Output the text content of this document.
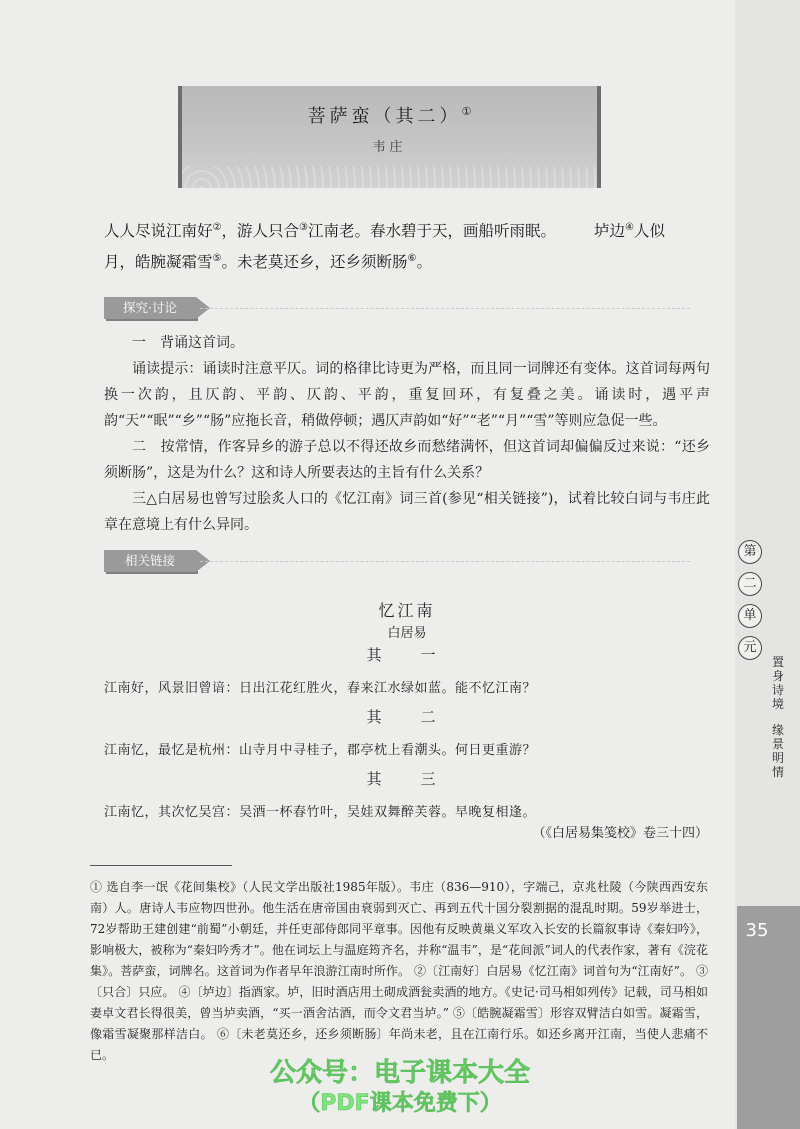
菩萨蛮（其二）①
韦庄
人人尽说江南好②，游人只合③江南老。春水碧于天，画船听雨眠。 垆边④人似
月，皓腕凝霜雪⑤。未老莫还乡，还乡须断肠⑥。
探究·讨论
一　背诵这首词。
诵读提示：诵读时注意平仄。词的格律比诗更为严格，而且同一词牌还有变体。这首词每两句换一次韵，且仄韵、平韵、仄韵、平韵，重复回环，有复叠之美。诵读时，遇平声韵“天”“眠”“乡”“肠”应拖长音，稍做停顿；遇仄声韵如“好”“老”“月”“雪”等则应急促一些。
二　按常情，作客异乡的游子总以不得还故乡而愁绪满怀，但这首词却偏偏反过来说：“还乡须断肠”，这是为什么？这和诗人所要表达的主旨有什么关系？
三△白居易也曾写过脍炙人口的《忆江南》词三首(参见“相关链接”)，试着比较白词与韦庄此章在意境上有什么异同。
相关链接
忆江南
白居易
其　一
江南好，风景旧曾谙：日出江花红胜火，春来江水绿如蓝。能不忆江南？
其　二
江南忆，最忆是杭州：山寺月中寻桂子，郡亭枕上看潮头。何日更重游？
其　三
江南忆，其次忆吴宫：吴酒一杯春竹叶，吴娃双舞醉芙蓉。早晚复相逢。
（《白居易集笺校》卷三十四）
① 选自李一氓《花间集校》（人民文学出版社1985年版）。韦庄（836—910），字端己，京兆杜陵（今陕西西安东南）人。唐诗人韦应物四世孙。他生活在唐帝国由衰弱到灭亡、再到五代十国分裂割据的混乱时期。59岁举进士，72岁帮助王建创建“前蜀”小朝廷，并任吏部侍郎同平章事。因他有反映黄巢义军攻入长安的长篇叙事诗《秦妇吟》，影响极大，被称为“秦妇吟秀才”。他在词坛上与温庭筠齐名，并称“温韦”，是“花间派”词人的代表作家，著有《浣花集》。菩萨蛮，词牌名。这首词为作者早年浪游江南时所作。 ②〔江南好〕白居易《忆江南》词首句为“江南好”。 ③〔只合〕只应。 ④〔垆边〕指酒家。垆，旧时酒店用土砌成酒瓮卖酒的地方。《史记·司马相如列传》记载，司马相如妻卓文君长得很美，曾当垆卖酒，“买一酒舍沽酒，而令文君当垆。” ⑤〔皓腕凝霜雪〕形容双臂洁白如雪。凝霜雪，像霜雪凝聚那样洁白。 ⑥〔未老莫还乡，还乡须断肠〕年尚未老，且在江南行乐。如还乡离开江南，当使人悲痛不已。
第
二
单
元
置身诗境
缘景明情
35
公众号：电子课本大全
（PDF课本免费下）
